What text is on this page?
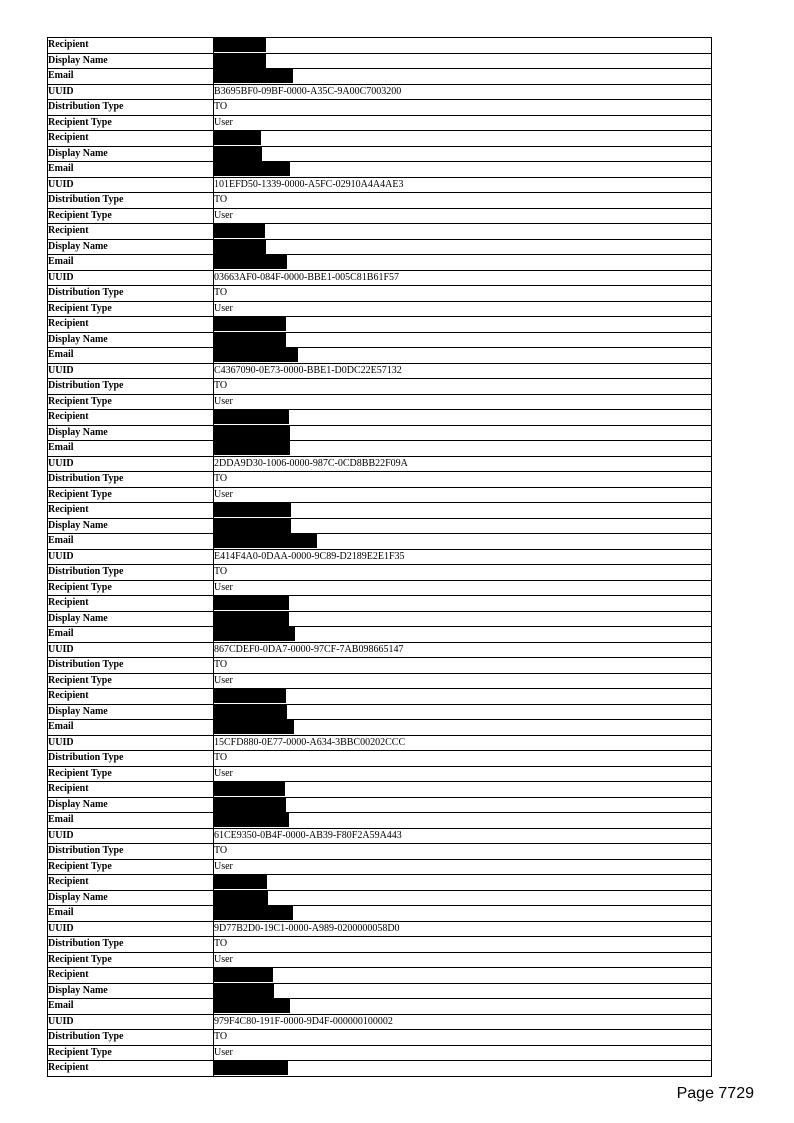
Recipient	
Display Name	
Email	
UUID	B3695BF0-09BF-0000-A35C-9A00C7003200
Distribution Type	TO
Recipient Type	User
Recipient	
Display Name	
Email	
UUID	101EFD50-1339-0000-A5FC-02910A4A4AE3
Distribution Type	TO
Recipient Type	User
Recipient	
Display Name	
Email	
UUID	03663AF0-084F-0000-BBE1-005C81B61F57
Distribution Type	TO
Recipient Type	User
Recipient	
Display Name	
Email	
UUID	C4367090-0E73-0000-BBE1-D0DC22E57132
Distribution Type	TO
Recipient Type	User
Recipient	
Display Name	
Email	
UUID	2DDA9D30-1006-0000-987C-0CD8BB22F09A
Distribution Type	TO
Recipient Type	User
Recipient	
Display Name	
Email	
UUID	E414F4A0-0DAA-0000-9C89-D2189E2E1F35
Distribution Type	TO
Recipient Type	User
Recipient	
Display Name	
Email	
UUID	867CDEF0-0DA7-0000-97CF-7AB098665147
Distribution Type	TO
Recipient Type	User
Recipient	
Display Name	
Email	
UUID	15CFD880-0E77-0000-A634-3BBC00202CCC
Distribution Type	TO
Recipient Type	User
Recipient	
Display Name	
Email	
UUID	61CE9350-0B4F-0000-AB39-F80F2A59A443
Distribution Type	TO
Recipient Type	User
Recipient	
Display Name	
Email	
UUID	9D77B2D0-19C1-0000-A989-0200000058D0
Distribution Type	TO
Recipient Type	User
Recipient	
Display Name	
Email	
UUID	979F4C80-191F-0000-9D4F-000000100002
Distribution Type	TO
Recipient Type	User
Recipient	
Page 7729
